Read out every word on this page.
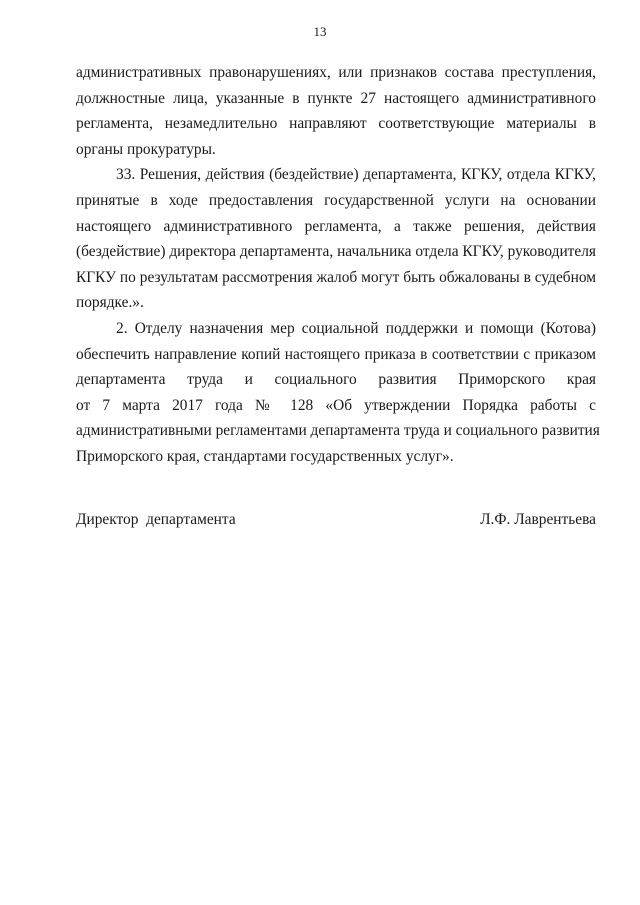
13

административных правонарушениях, или признаков состава преступления,
должностные лица, указанные в пункте 27 настоящего административного
регламента, незамедлительно направляют соответствующие материалы в
органы прокуратуры.

33. Решения, действия (бездействие) департамента, КГКУ, отдела КГКУ,
принятые в ходе предоставления государственной услуги на основании
настоящего административного регламента, а также решения, действия
(бездействие) директора департамента, начальника отдела КГКУ, руководителя
КГКУ по результатам рассмотрения жалоб могут быть обжалованы в судебном
порядке.».

2. Отделу назначения мер социальной поддержки и помощи (Котова)
обеспечить направление копий настоящего приказа в соответствии с приказом
департамента труда и социального развития Приморского края
от 7 марта 2017 года № 128 «Об утверждении Порядка работы с
административными регламентами департамента труда и социального развития
Приморского края, стандартами государственных услуг».

Директор  департамента	Л.Ф. Лаврентьева
